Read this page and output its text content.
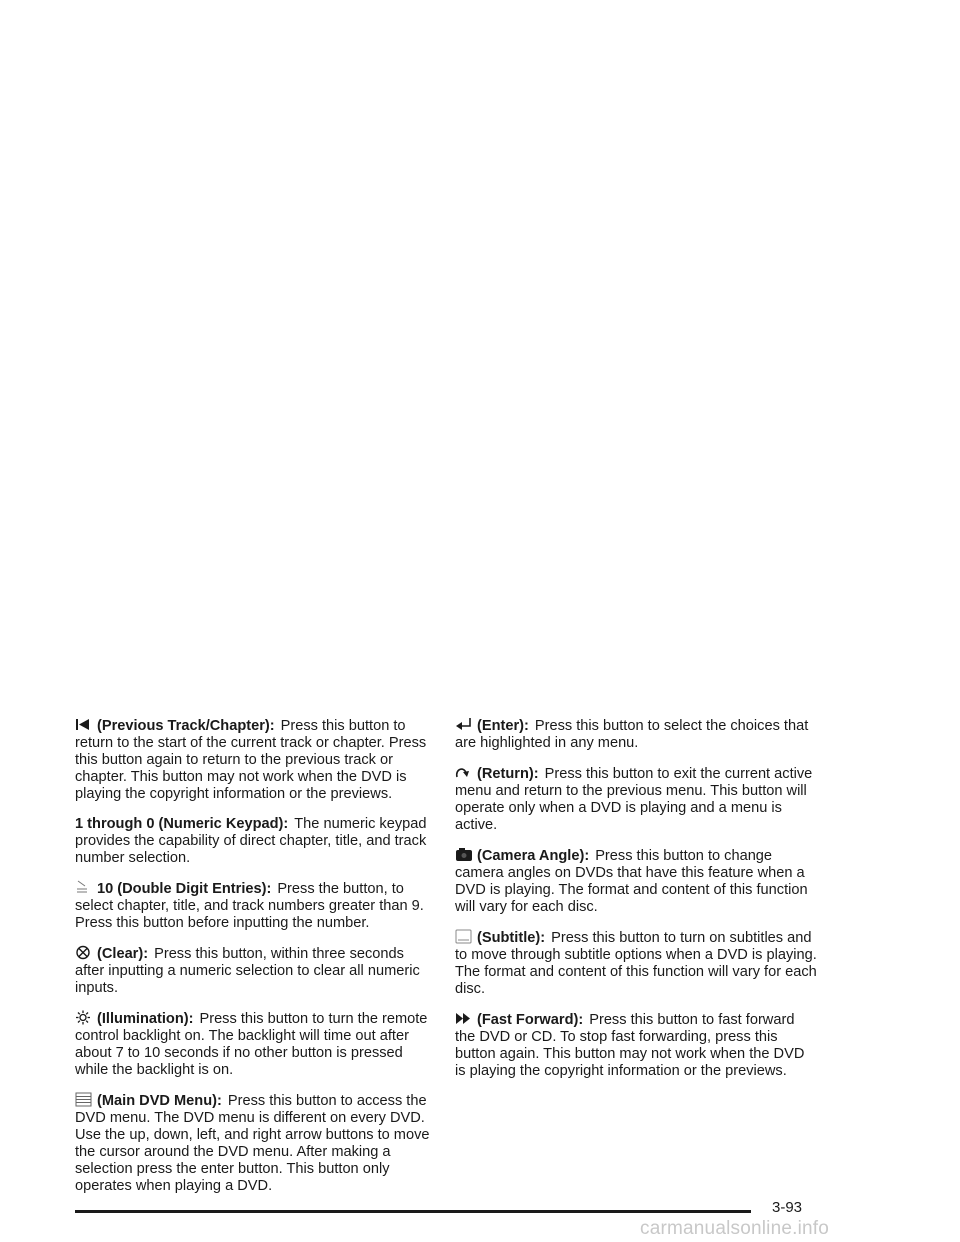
(Previous Track/Chapter): Press this button to return to the start of the current track or chapter. Press this button again to return to the previous track or chapter. This button may not work when the DVD is playing the copyright information or the previews.

1 through 0 (Numeric Keypad): The numeric keypad provides the capability of direct chapter, title, and track number selection.

10 (Double Digit Entries): Press the button, to select chapter, title, and track numbers greater than 9. Press this button before inputting the number.

(Clear): Press this button, within three seconds after inputting a numeric selection to clear all numeric inputs.

(Illumination): Press this button to turn the remote control backlight on. The backlight will time out after about 7 to 10 seconds if no other button is pressed while the backlight is on.

(Main DVD Menu): Press this button to access the DVD menu. The DVD menu is different on every DVD. Use the up, down, left, and right arrow buttons to move the cursor around the DVD menu. After making a selection press the enter button. This button only operates when playing a DVD.

(Enter): Press this button to select the choices that are highlighted in any menu.

(Return): Press this button to exit the current active menu and return to the previous menu. This button will operate only when a DVD is playing and a menu is active.

(Camera Angle): Press this button to change camera angles on DVDs that have this feature when a DVD is playing. The format and content of this function will vary for each disc.

(Subtitle): Press this button to turn on subtitles and to move through subtitle options when a DVD is playing. The format and content of this function will vary for each disc.

(Fast Forward): Press this button to fast forward the DVD or CD. To stop fast forwarding, press this button again. This button may not work when the DVD is playing the copyright information or the previews.

3-93
carmanualsonline.info
